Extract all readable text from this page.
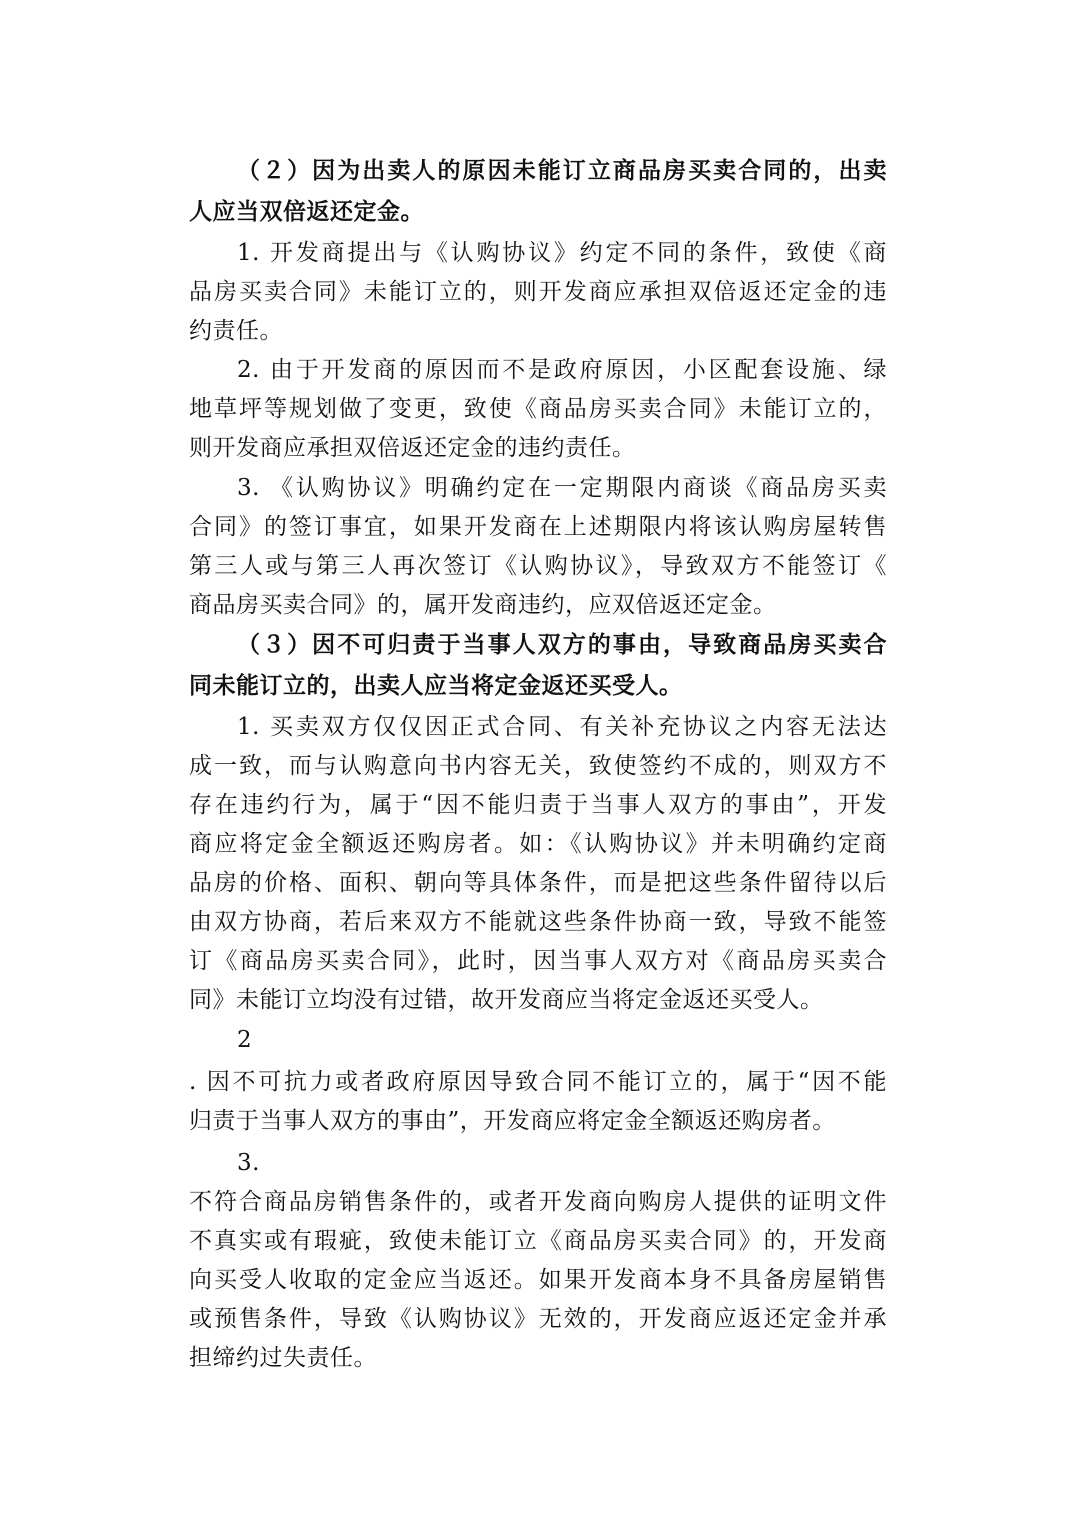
（２）因为出卖人的原因未能订立商品房买卖合同的，出卖
人应当双倍返还定金。
1. 开发商提出与《认购协议》约定不同的条件，致使《商
品房买卖合同》未能订立的，则开发商应承担双倍返还定金的违
约责任。
2. 由于开发商的原因而不是政府原因，小区配套设施、绿
地草坪等规划做了变更，致使《商品房买卖合同》未能订立的，
则开发商应承担双倍返还定金的违约责任。
3. 《认购协议》明确约定在一定期限内商谈《商品房买卖
合同》的签订事宜，如果开发商在上述期限内将该认购房屋转售
第三人或与第三人再次签订《认购协议》，导致双方不能签订《
商品房买卖合同》的，属开发商违约，应双倍返还定金。
（３）因不可归责于当事人双方的事由，导致商品房买卖合
同未能订立的，出卖人应当将定金返还买受人。
1. 买卖双方仅仅因正式合同、有关补充协议之内容无法达
成一致，而与认购意向书内容无关，致使签约不成的，则双方不
存在违约行为，属于“因不能归责于当事人双方的事由”，开发
商应将定金全额返还购房者。如：《认购协议》并未明确约定商
品房的价格、面积、朝向等具体条件，而是把这些条件留待以后
由双方协商，若后来双方不能就这些条件协商一致，导致不能签
订《商品房买卖合同》，此时，因当事人双方对《商品房买卖合
同》未能订立均没有过错，故开发商应当将定金返还买受人。
2
. 因不可抗力或者政府原因导致合同不能订立的，属于“因不能
归责于当事人双方的事由”，开发商应将定金全额返还购房者。
3.
不符合商品房销售条件的，或者开发商向购房人提供的证明文件
不真实或有瑕疵，致使未能订立《商品房买卖合同》的，开发商
向买受人收取的定金应当返还。如果开发商本身不具备房屋销售
或预售条件，导致《认购协议》无效的，开发商应返还定金并承
担缔约过失责任。
